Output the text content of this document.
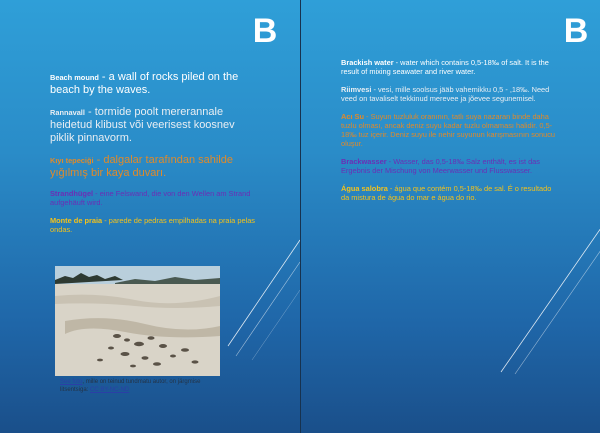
B

Beach mound - a wall of rocks piled on the beach by the waves.

Rannavall - tormide poolt mererannale heidetud klibust või veerisest koosnev piklik pinnavorm.

Kıyı tepeciği - dalgalar tarafından sahilde yığılmış bir kaya duvarı.

Strandhügel - eine Felswand, die von den Wellen am Strand aufgehäuft wird.

Monte de praia - parede de pedras empilhadas na praia pelas ondas.

See foto, mille on teinud tundmatu autor, on järgmise litsentsiga: CC BY-NC-ND
B

Brackish water - water which contains 0,5-18‰ of salt. It is the result of mixing seawater and river water.

Riimvesi - vesi, mille soolsus jääb vahemikku 0,5 - ,18‰. Need veed on tavaliselt tekkinud merevee ja jõevee segunemisel.

Acı Su - Suyun tuzluluk oranının, tatlı suya nazaran binde daha tuzlu olması, ancak deniz suyu kadar tuzlu olmaması halidir. 0,5-18‰ tuz içerir. Deniz suyu ile nehir suyunun karışmasının sonucu oluşur.

Brackwasser - Wasser, das 0,5-18‰ Salz enthält, es ist das Ergebnis der Mischung von Meerwasser und Flusswasser.

Água salobra - água que contém 0,5-18‰ de sal. É o resultado da mistura de água do mar e água do rio.
